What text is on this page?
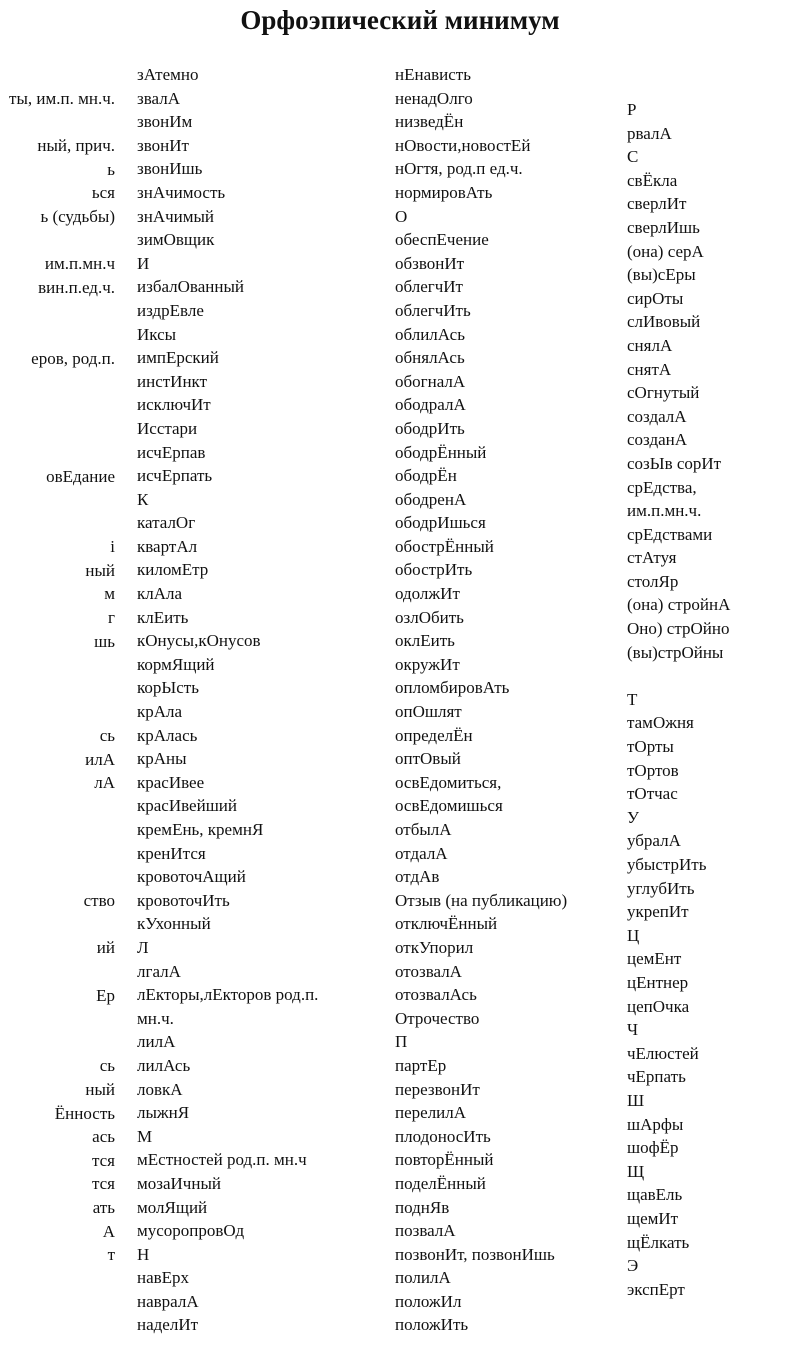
Орфоэпический минимум
ты, им.п. мн.ч.
ный, прич.
ь
ься
ь (судьбы)
им.п.мн.ч
вин.п.ед.ч.
еров, род.п.
овЕдание
і
ный
м
г
шь
сь
илА
лА
ство
ий
Ер
сь
ный
Ённость
ась
тся
тся
ать
А
т
зАтемно
звалА
звонИм
звонИт
звонИшь
знАчимость
знАчимый
зимОвщик
И
избалОванный
издрЕвле
Иксы
импЕрский
инстИнкт
исключИт
Исстари
исчЕрпав
исчЕрпать
К
каталОг
квартАл
киломЕтр
клАла
клЕить
кОнусы,кОнусов
кормЯщий
корЫсть
крАла
крАлась
крАны
красИвее
красИвейший
кремЕнь, кремнЯ
кренИтся
кровоточАщий
кровоточИть
кУхонный
Л
лгалА
лЕкторы,лЕкторов род.п.
мн.ч.
лилА
лилАсь
ловкА
лыжнЯ
М
мЕстностей род.п. мн.ч
мозаИчный
молЯщий
мусоропровОд
Н
навЕрх
навралА
наделИт
нЕнависть
ненадОлго
низведЁн
нОвости,новостЕй
нОгтя, род.п ед.ч.
нормировАть
О
обеспЕчение
обзвонИт
облегчИт
облегчИть
облилАсь
обнялАсь
обогналА
ободралА
ободрИть
ободрЁнный
ободрЁн
ободренА
ободрИшься
обострЁнный
обострИть
одолжИт
озлОбить
оклЕить
окружИт
опломбировАть
опОшлят
определЁн
оптОвый
освЕдомиться,
освЕдомишься
отбылА
отдалА
отдАв
Отзыв (на публикацию)
отключЁнный
откУпорил
отозвалА
отозвалАсь
Отрочество
П
партЕр
перезвонИт
перелилА
плодоносИть
повторЁнный
поделЁнный
поднЯв
позвалА
позвонИт, позвонИшь
полилА
положИл
положИть
Р
рвалА
С
свЁкла
сверлИт
сверлИшь
(она) серА
(вы)сЕры
сирОты
слИвовый
снялА
снятА
сОгнутый
создалА
созданА
созЫв сорИт
срЕдства,
им.п.мн.ч.
срЕдствами
стАтуя
столЯр
(она) стройнА
Оно) стрОйно
(вы)стрОйны
Т
тамОжня
тОрты
тОртов
тОтчас
У
убралА
убыстрИть
углубИть
укрепИт
Ц
цемЕнт
цЕнтнер
цепОчка
Ч
чЕлюстей
чЕрпать
Ш
шАрфы
шофЁр
Щ
щавЕль
щемИт
щЁлкать
Э
экспЕрт
